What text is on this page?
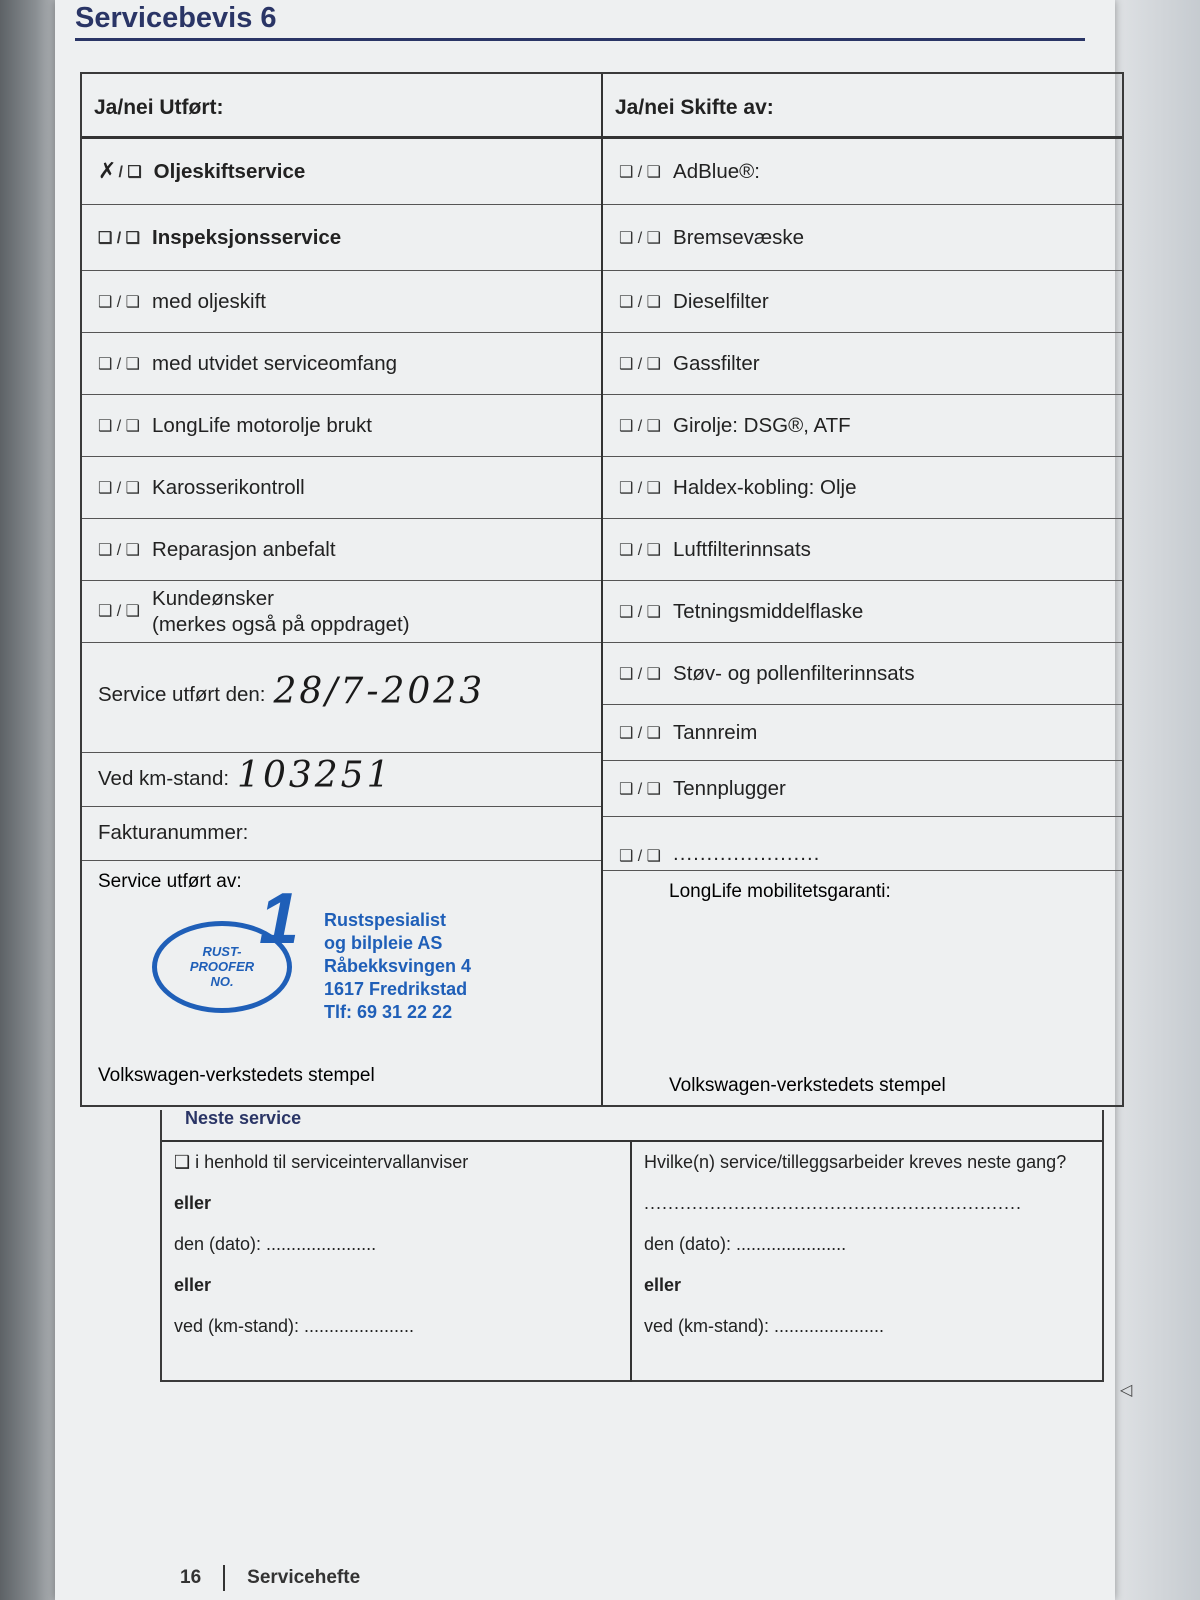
Servicebevis 6
Ja/nei Utført:	Ja/nei Skifte av:
✗ / ❑ Oljeskiftservice
❑ / ❑ Inspeksjonsservice
❑ / ❑ med oljeskift
❑ / ❑ med utvidet serviceomfang
❑ / ❑ LongLife motorolje brukt
❑ / ❑ Karosserikontroll
❑ / ❑ Reparasjon anbefalt
❑ / ❑
Kundeønsker
(merkes også på oppdraget)
Service utført den: 28/7-2023
Ved km-stand: 103251
Fakturanummer:
Service utført av:
RUST-
PROOFER
NO.
1 Rustspesialist
og bilpleie AS
Råbekksvingen 4
1617 Fredrikstad
Tlf: 69 31 22 22
Volkswagen-verkstedets stempel
❑ / ❑ AdBlue®:
❑ / ❑ Bremsevæske
❑ / ❑ Dieselfilter
❑ / ❑ Gassfilter
❑ / ❑ Girolje: DSG®, ATF
❑ / ❑ Haldex-kobling: Olje
❑ / ❑ Luftfilterinnsats
❑ / ❑ Tetningsmiddelflaske
❑ / ❑ Støv- og pollenfilterinnsats
❑ / ❑ Tannreim
❑ / ❑ Tennplugger
❑ / ❑ ......................
LongLife mobilitetsgaranti:
Volkswagen-verkstedets stempel
Neste service

❑ i henhold til serviceintervallanviser

eller

den (dato): ......................

eller

ved (km-stand): ......................

Hvilke(n) service/tilleggsarbeider kreves neste gang?

...............................................................

den (dato): ......................

eller

ved (km-stand): ......................

◁
16 Servicehefte
